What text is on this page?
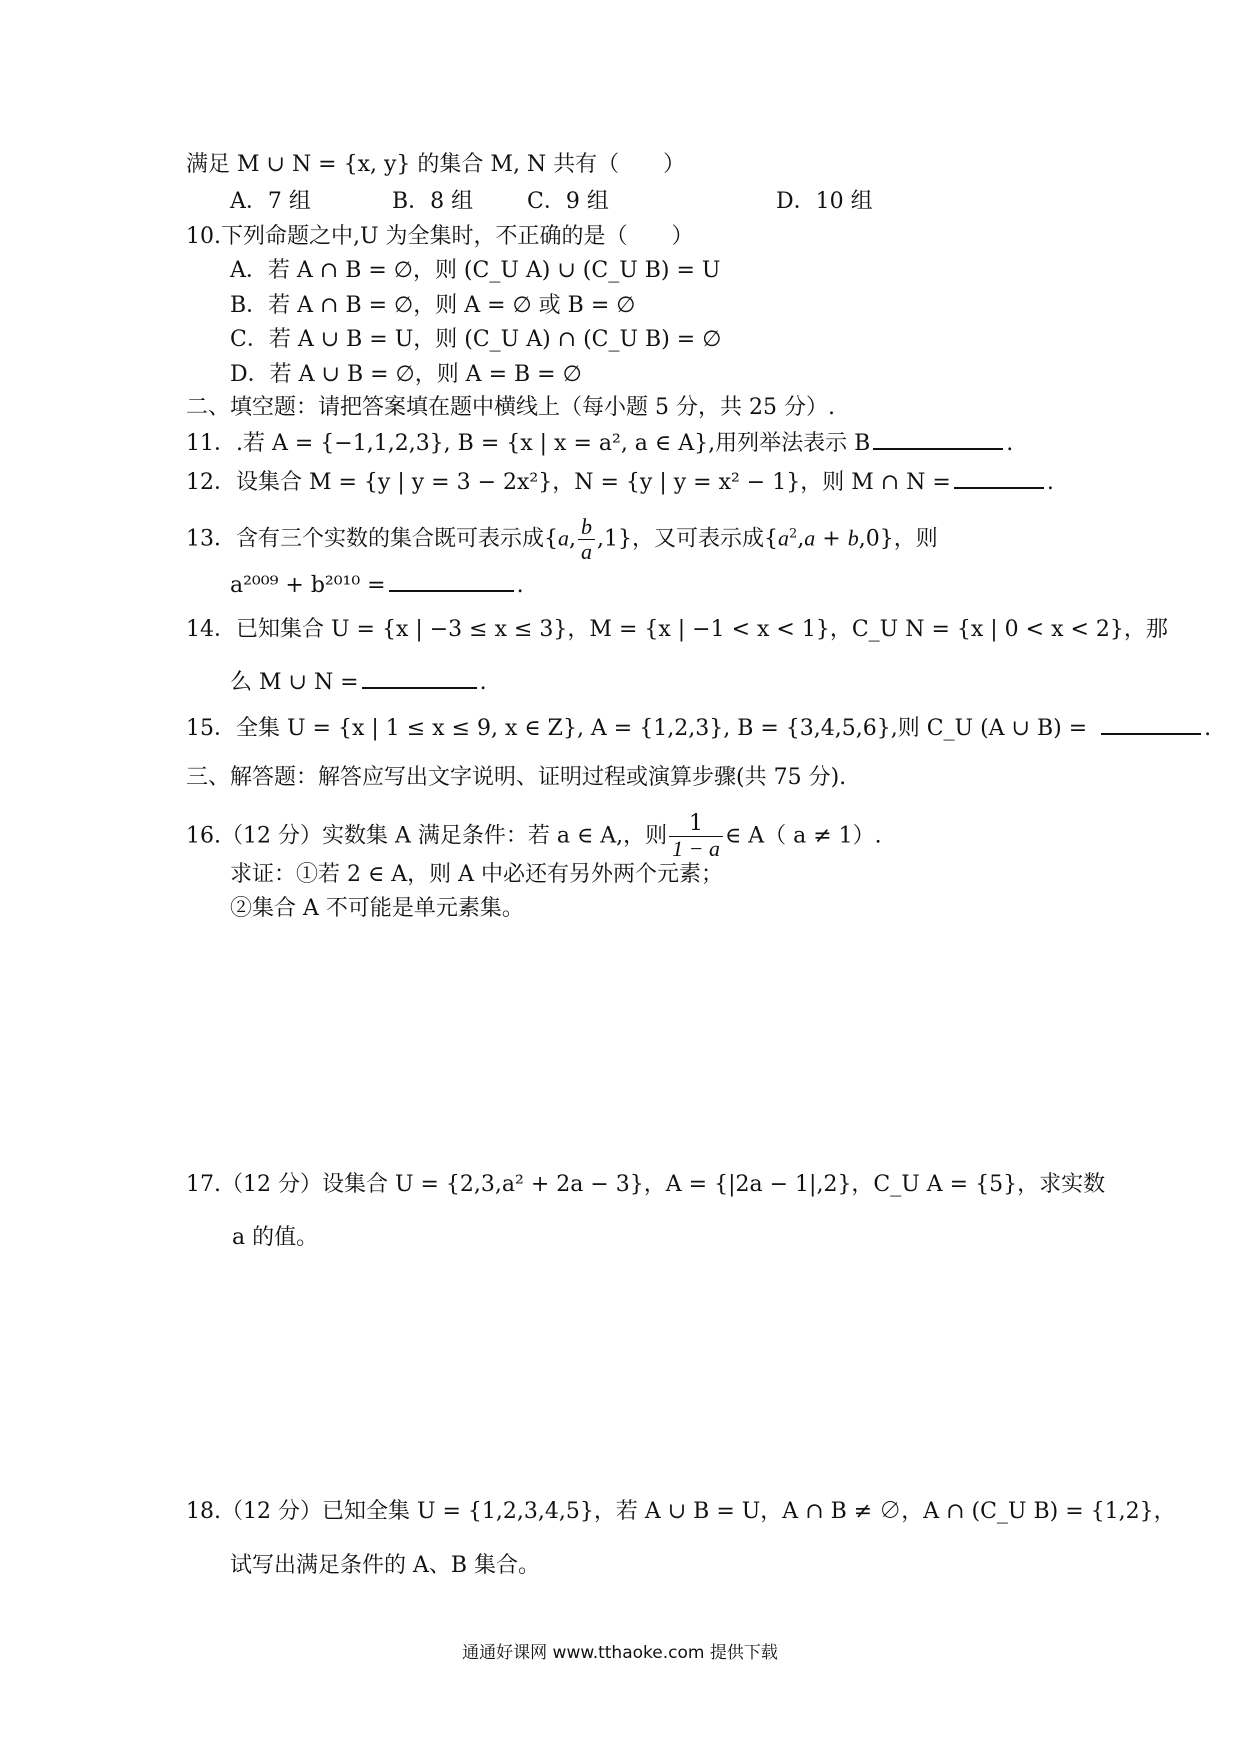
满足 M ∪ N = {x, y} 的集合 M, N 共有（　　）
A．7 组	B．8 组 C．9 组	D．10 组
10.下列命题之中,U 为全集时，不正确的是（　　）
A．若 A ∩ B = ∅，则 (C_U A) ∪ (C_U B) = U
B．若 A ∩ B = ∅，则 A = ∅ 或 B = ∅
C．若 A ∪ B = U，则 (C_U A) ∩ (C_U B) = ∅
D．若 A ∪ B = ∅，则 A = B = ∅
二、填空题：请把答案填在题中横线上（每小题 5 分，共 25 分）.
11．.若 A = {−1,1,2,3}, B = {x | x = a², a ∈ A},用列举法表示 B	.
12．设集合 M = {y | y = 3 − 2x²}，N = {y | y = x² − 1}，则 M ∩ N =	.
13．含有三个实数的集合既可表示成{a, $\frac{b}{a} ,1$}，又可表示成$\{a^2,a + b,0\}$，则
a²⁰⁰⁹ + b²⁰¹⁰ =	.
14．已知集合 U = {x | −3 ≤ x ≤ 3}，M = {x | −1 < x < 1}，C_U N = {x | 0 < x < 2}，那
么 M ∪ N =	.
15．全集 U = {x | 1 ≤ x ≤ 9, x ∈ Z}, A = {1,2,3}, B = {3,4,5,6},则 C_U (A ∪ B) =	.
三、解答题：解答应写出文字说明、证明过程或演算步骤(共 75 分).
16.（12 分）实数集 A 满足条件：若 a ∈ A,，则 $\frac{1}{1 - a}$ ∈ A（ a ≠ 1）.
求证：①若 2 ∈ A，则 A 中必还有另外两个元素；
②集合 A 不可能是单元素集。
17.（12 分）设集合 U = {2,3,a² + 2a − 3}，A = {|2a − 1|,2}，C_U A = {5}，求实数
a 的值。
18.（12 分）已知全集 U = {1,2,3,4,5}，若 A ∪ B = U，A ∩ B ≠ ∅，A ∩ (C_U B) = {1,2}，
试写出满足条件的 A、B 集合。
通通好课网 www.tthaoke.com 提供下载
